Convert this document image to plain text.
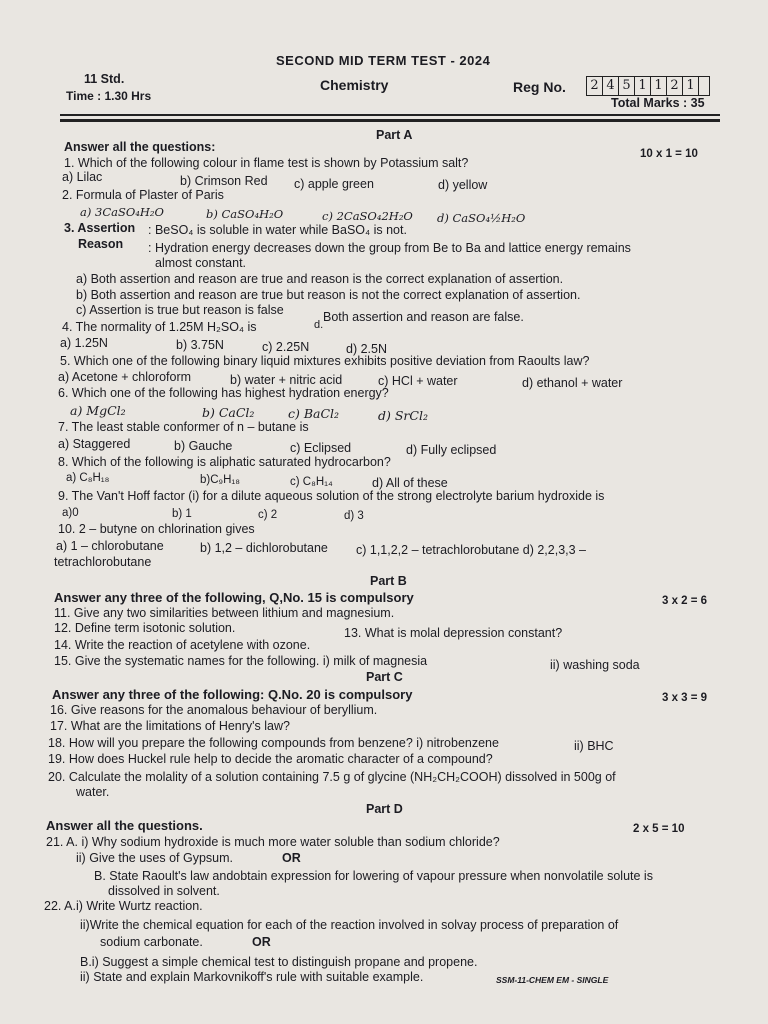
SECOND MID TERM TEST - 2024
11 Std.
Time : 1.30 Hrs
Chemistry	Reg No. 2 4 5 1 1 2 1
Total Marks : 35
Part A
Answer all the questions:	10 x 1 = 10
1. Which of the following colour in flame test is shown by Potassium salt?
a) Lilac	b) Crimson Red c) apple green	d) yellow
2. Formula of Plaster of Paris
a) 3CaSO₄H₂O	b) CaSO₄H₂O	c) 2CaSO₄2H₂O d) CaSO₄½H₂O
3. Assertion : BeSO₄ is soluble in water while BaSO₄ is not.
Reason : Hydration energy decreases down the group from Be to Ba and lattice energy remains
almost constant.
a) Both assertion and reason are true and reason is the correct explanation of assertion.
b) Both assertion and reason are true but reason is not the correct explanation of assertion.
c) Assertion is true but reason is false	Both assertion and reason are false.
d.
4. The normality of 1.25M H₂SO₄ is
a) 1.25N	b) 3.75N	c) 2.25N	d) 2.5N
5. Which one of the following binary liquid mixtures exhibits positive deviation from Raoults law?
a) Acetone + chloroform	b) water + nitric acid	c) HCl + water	d) ethanol + water
6. Which one of the following has highest hydration energy?
a) MgCl₂	b) CaCl₂	c) BaCl₂	d) SrCl₂
7. The least stable conformer of n – butane is
a) Staggered	b) Gauche	c) Eclipsed	d) Fully eclipsed
8. Which of the following is aliphatic saturated hydrocarbon?
a) C₈H₁₈	b)C₉H₁₈	c) C₈H₁₄	d) All of these
9. The Van't Hoff factor (i) for a dilute aqueous solution of the strong electrolyte barium hydroxide is
a)0	b) 1	c) 2	d) 3
10. 2 – butyne on chlorination gives
a) 1 – chlorobutane	b) 1,2 – dichlorobutane c) 1,1,2,2 – tetrachlorobutane d) 2,2,3,3 –
tetrachlorobutane
Part B
Answer any three of the following, Q,No. 15 is compulsory	3 x 2 = 6
11. Give any two similarities between lithium and magnesium.
12. Define term isotonic solution.	13. What is molal depression constant?
14. Write the reaction of acetylene with ozone.
15. Give the systematic names for the following. i) milk of magnesia	ii) washing soda
Part C
Answer any three of the following: Q.No. 20 is compulsory	3 x 3 = 9
16. Give reasons for the anomalous behaviour of beryllium.
17. What are the limitations of Henry's law?
18. How will you prepare the following compounds from benzene? i) nitrobenzene	ii) BHC
19. How does Huckel rule help to decide the aromatic character of a compound?
20. Calculate the molality of a solution containing 7.5 g of glycine (NH₂CH₂COOH) dissolved in 500g of
water.
Part D
Answer all the questions.	2 x 5 = 10
21. A. i) Why sodium hydroxide is much more water soluble than sodium chloride?
ii) Give the uses of Gypsum.	OR
B. State Raoult's law andobtain expression for lowering of vapour pressure when nonvolatile solute is
dissolved in solvent.
22. A.i) Write Wurtz reaction.
ii)Write the chemical equation for each of the reaction involved in solvay process of preparation of
sodium carbonate.	OR
B.i) Suggest a simple chemical test to distinguish propane and propene.
ii) State and explain Markovnikoff's rule with suitable example.	SSM-11-CHEM EM - SINGLE
